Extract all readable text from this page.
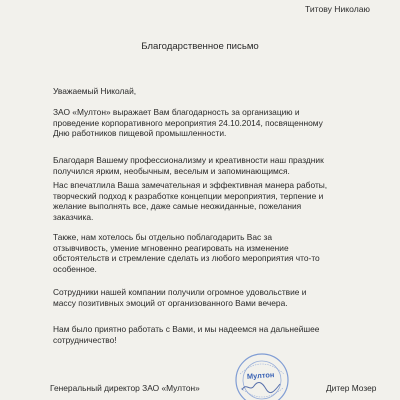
Титову Николаю
Благодарственное письмо
Уважаемый Николай,
ЗАО «Мултон» выражает Вам благодарность за организацию и
проведение корпоративного мероприятия 24.10.2014, посвященному
Дню работников пищевой промышленности.
Благодаря Вашему профессионализму и креативности наш праздник
получился ярким, необычным, веселым и запоминающимся.
Нас впечатлила Ваша замечательная и эффективная манера работы,
творческий подход к разработке концепции мероприятия, терпение и
желание выполнять все, даже самые неожиданные, пожелания
заказчика.
Также, нам хотелось бы отдельно поблагодарить Вас за
отзывчивость, умение мгновенно реагировать на изменение
обстоятельств и стремление сделать из любого мероприятия что-то
особенное.
Сотрудники нашей компании получили огромное удовольствие и
массу позитивных эмоций от организованного Вами вечера.
Нам было приятно работать с Вами, и мы надеемся на дальнейшее
сотрудничество!
Мултон
Генеральный директор ЗАО «Мултон»	Дитер Мозер
